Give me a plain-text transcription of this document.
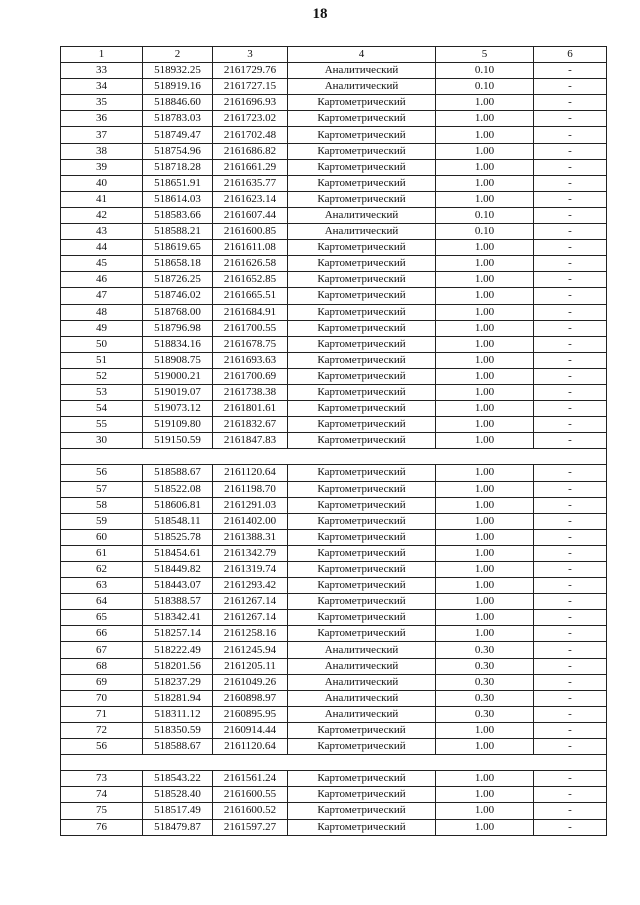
18
1	2	3	4	5	6
33	518932.25	2161729.76	Аналитический	0.10	-
34	518919.16	2161727.15	Аналитический	0.10	-
35	518846.60	2161696.93	Картометрический	1.00	-
36	518783.03	2161723.02	Картометрический	1.00	-
37	518749.47	2161702.48	Картометрический	1.00	-
38	518754.96	2161686.82	Картометрический	1.00	-
39	518718.28	2161661.29	Картометрический	1.00	-
40	518651.91	2161635.77	Картометрический	1.00	-
41	518614.03	2161623.14	Картометрический	1.00	-
42	518583.66	2161607.44	Аналитический	0.10	-
43	518588.21	2161600.85	Аналитический	0.10	-
44	518619.65	2161611.08	Картометрический	1.00	-
45	518658.18	2161626.58	Картометрический	1.00	-
46	518726.25	2161652.85	Картометрический	1.00	-
47	518746.02	2161665.51	Картометрический	1.00	-
48	518768.00	2161684.91	Картометрический	1.00	-
49	518796.98	2161700.55	Картометрический	1.00	-
50	518834.16	2161678.75	Картометрический	1.00	-
51	518908.75	2161693.63	Картометрический	1.00	-
52	519000.21	2161700.69	Картометрический	1.00	-
53	519019.07	2161738.38	Картометрический	1.00	-
54	519073.12	2161801.61	Картометрический	1.00	-
55	519109.80	2161832.67	Картометрический	1.00	-
30	519150.59	2161847.83	Картометрический	1.00	-

56	518588.67	2161120.64	Картометрический	1.00	-
57	518522.08	2161198.70	Картометрический	1.00	-
58	518606.81	2161291.03	Картометрический	1.00	-
59	518548.11	2161402.00	Картометрический	1.00	-
60	518525.78	2161388.31	Картометрический	1.00	-
61	518454.61	2161342.79	Картометрический	1.00	-
62	518449.82	2161319.74	Картометрический	1.00	-
63	518443.07	2161293.42	Картометрический	1.00	-
64	518388.57	2161267.14	Картометрический	1.00	-
65	518342.41	2161267.14	Картометрический	1.00	-
66	518257.14	2161258.16	Картометрический	1.00	-
67	518222.49	2161245.94	Аналитический	0.30	-
68	518201.56	2161205.11	Аналитический	0.30	-
69	518237.29	2161049.26	Аналитический	0.30	-
70	518281.94	2160898.97	Аналитический	0.30	-
71	518311.12	2160895.95	Аналитический	0.30	-
72	518350.59	2160914.44	Картометрический	1.00	-
56	518588.67	2161120.64	Картометрический	1.00	-

73	518543.22	2161561.24	Картометрический	1.00	-
74	518528.40	2161600.55	Картометрический	1.00	-
75	518517.49	2161600.52	Картометрический	1.00	-
76	518479.87	2161597.27	Картометрический	1.00	-
